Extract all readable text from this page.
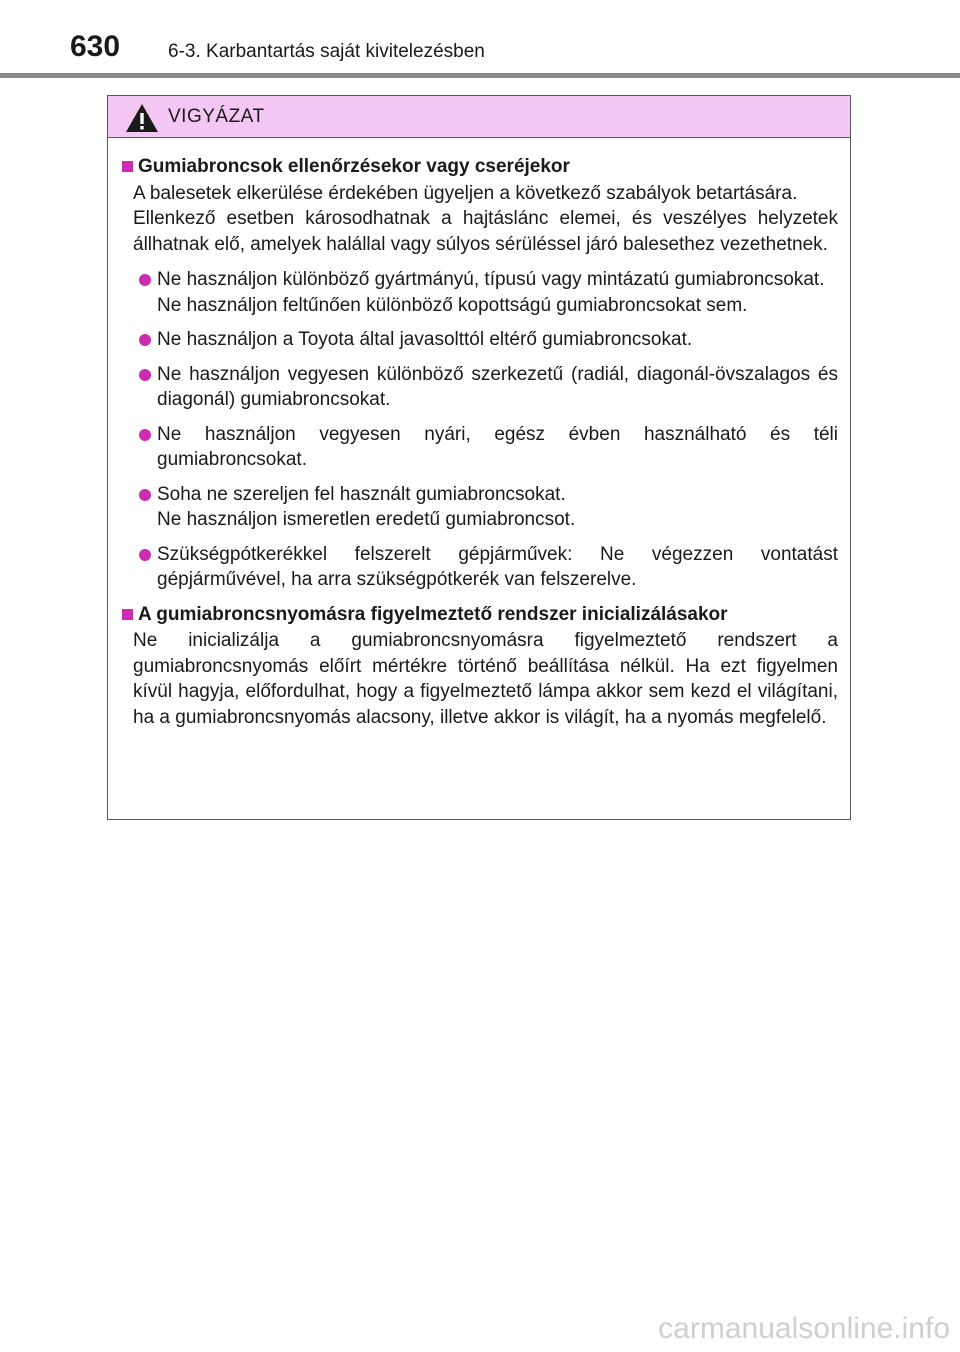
630	6-3. Karbantartás saját kivitelezésben
VIGYÁZAT
Gumiabroncsok ellenőrzésekor vagy cseréjekor
A balesetek elkerülése érdekében ügyeljen a következő szabályok betartására.
Ellenkező esetben károsodhatnak a hajtáslánc elemei, és veszélyes helyzetek állhatnak elő, amelyek halállal vagy súlyos sérüléssel járó balesethez vezethetnek.
Ne használjon különböző gyártmányú, típusú vagy mintázatú gumiabroncsokat.
Ne használjon feltűnően különböző kopottságú gumiabroncsokat sem.
Ne használjon a Toyota által javasolttól eltérő gumiabroncsokat.
Ne használjon vegyesen különböző szerkezetű (radiál, diagonál-övszalagos és diagonál) gumiabroncsokat.
Ne használjon vegyesen nyári, egész évben használható és téli gumiabroncsokat.
Soha ne szereljen fel használt gumiabroncsokat.
Ne használjon ismeretlen eredetű gumiabroncsot.
Szükségpótkerékkel felszerelt gépjárművek: Ne végezzen vontatást gépjárművével, ha arra szükségpótkerék van felszerelve.
A gumiabroncsnyomásra figyelmeztető rendszer inicializálásakor
Ne inicializálja a gumiabroncsnyomásra figyelmeztető rendszert a gumiabroncsnyomás előírt mértékre történő beállítása nélkül. Ha ezt figyelmen kívül hagyja, előfordulhat, hogy a figyelmeztető lámpa akkor sem kezd el világítani, ha a gumiabroncsnyomás alacsony, illetve akkor is világít, ha a nyomás megfelelő.
carmanualsonline.info
